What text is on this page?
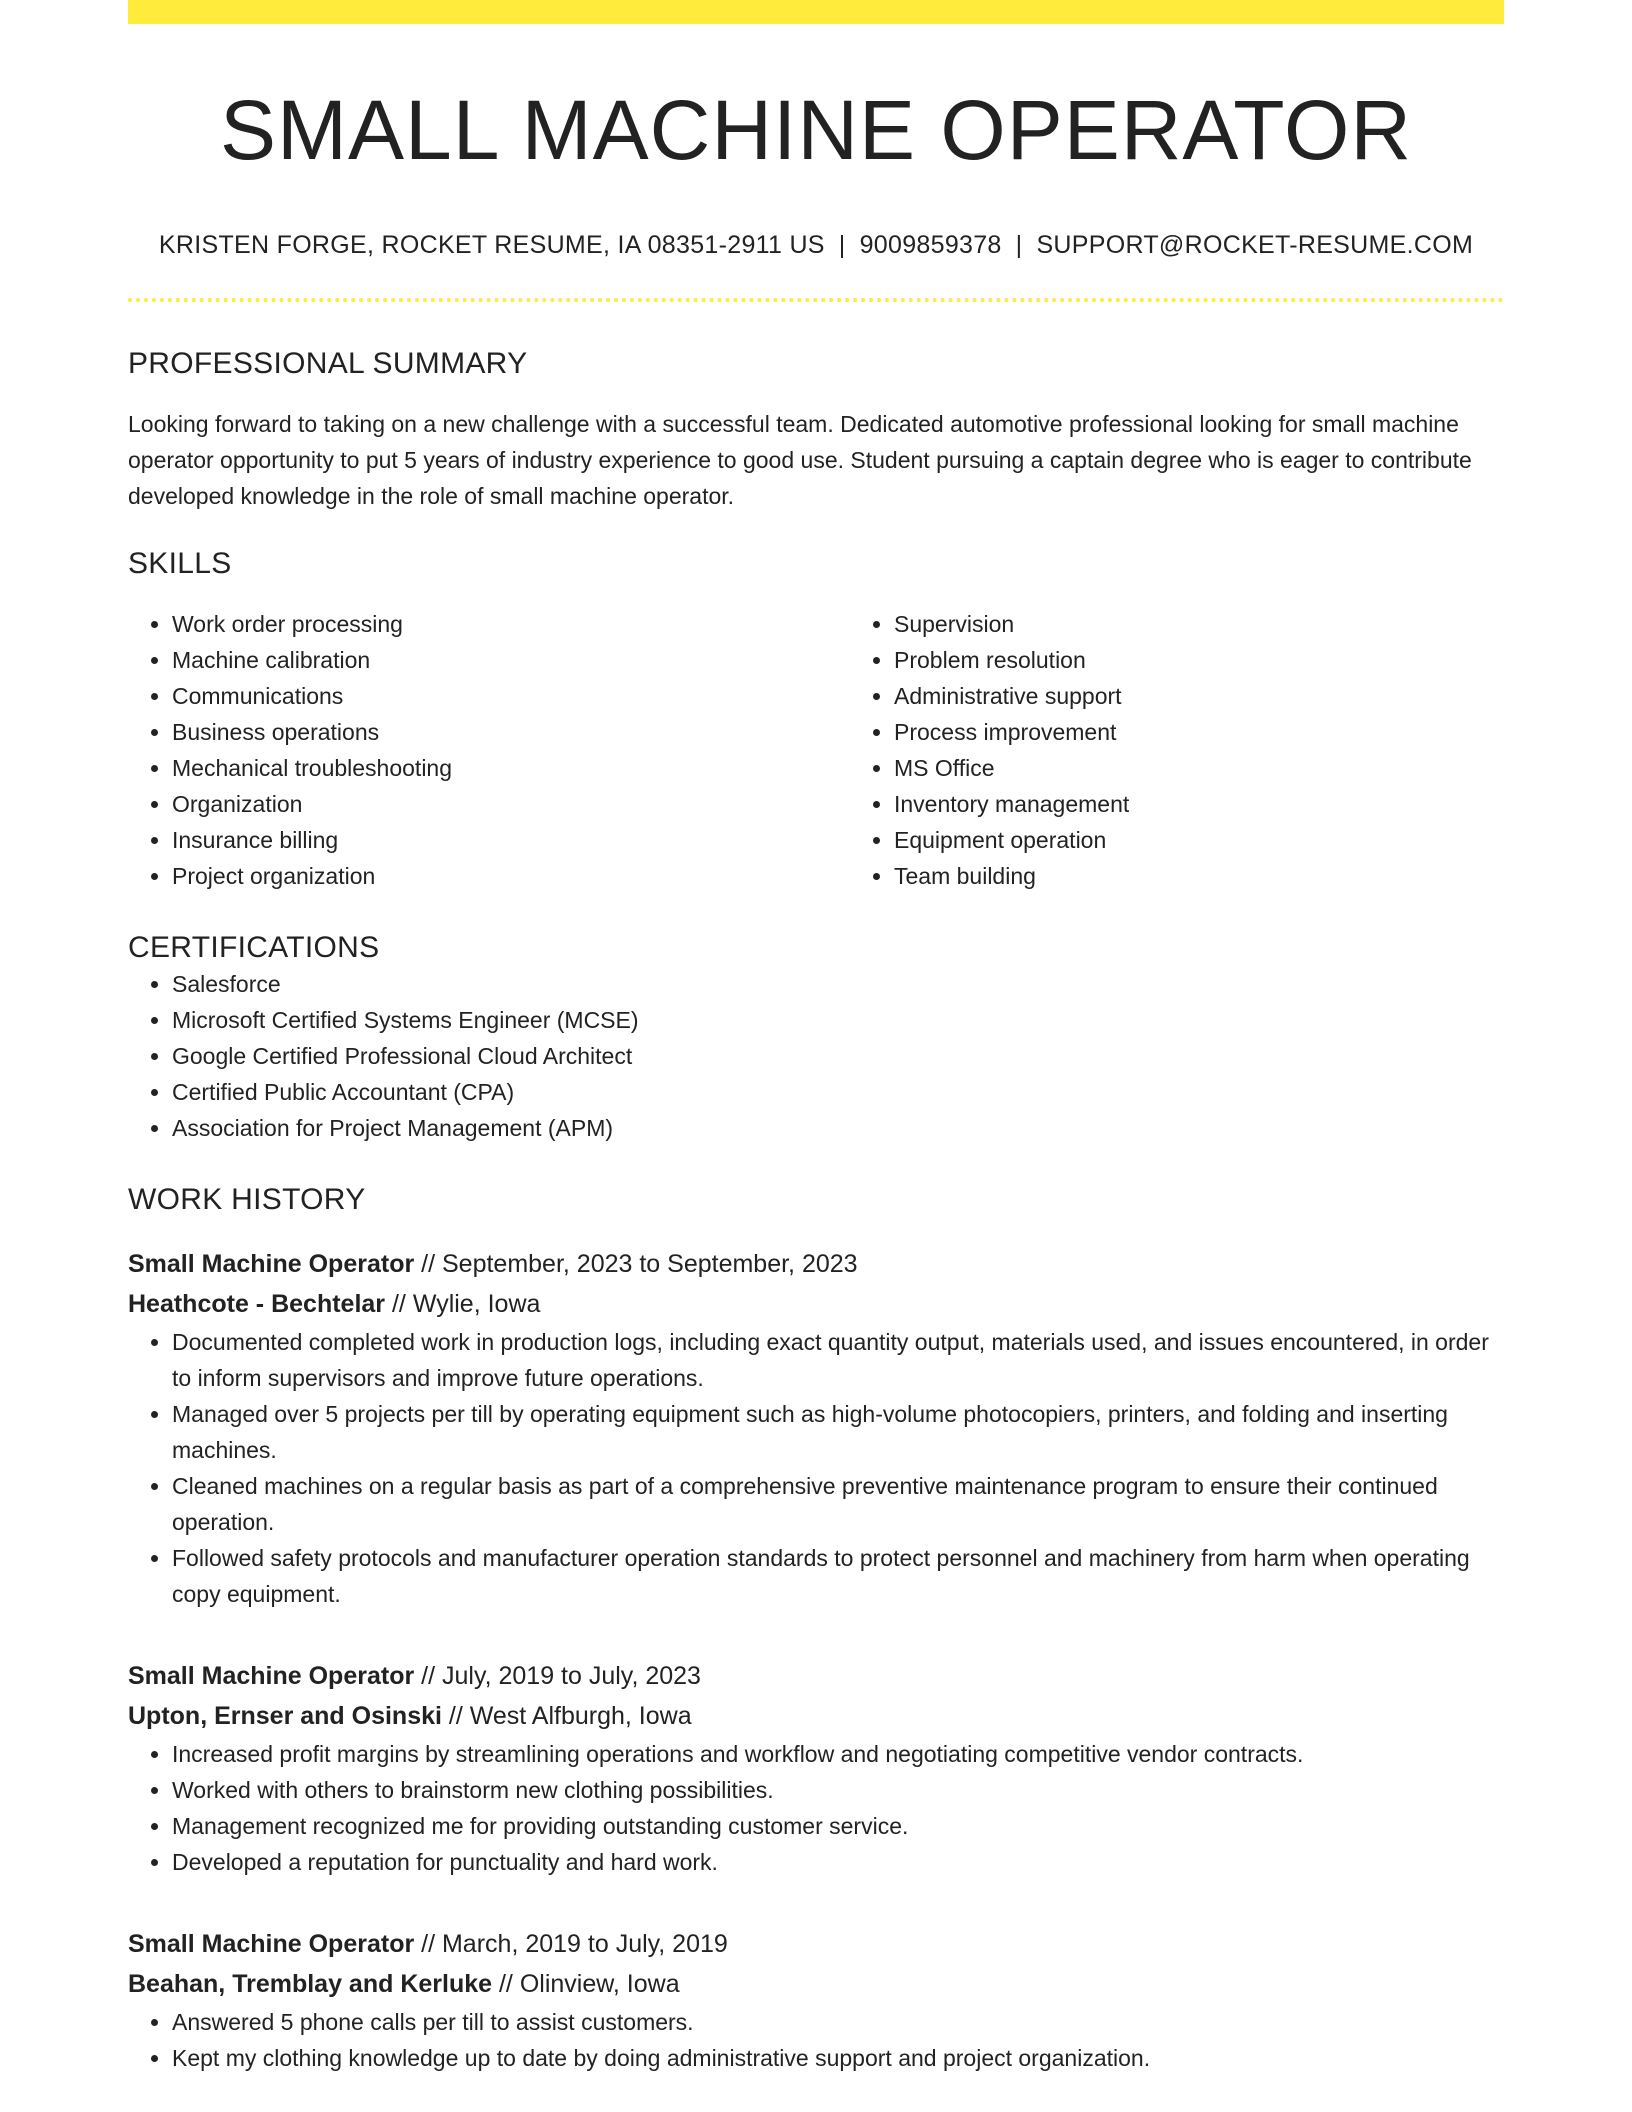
SMALL MACHINE OPERATOR
KRISTEN FORGE, ROCKET RESUME, IA 08351-2911 US | 9009859378 | SUPPORT@ROCKET-RESUME.COM
PROFESSIONAL SUMMARY

Looking forward to taking on a new challenge with a successful team. Dedicated automotive professional looking for small machine operator opportunity to put 5 years of industry experience to good use. Student pursuing a captain degree who is eager to contribute developed knowledge in the role of small machine operator.

SKILLS
• Work order processing
• Machine calibration
• Communications
• Business operations
• Mechanical troubleshooting
• Organization
• Insurance billing
• Project organization
• Supervision
• Problem resolution
• Administrative support
• Process improvement
• MS Office
• Inventory management
• Equipment operation
• Team building
CERTIFICATIONS
• Salesforce
• Microsoft Certified Systems Engineer (MCSE)
• Google Certified Professional Cloud Architect
• Certified Public Accountant (CPA)
• Association for Project Management (APM)
WORK HISTORY
Small Machine Operator // September, 2023 to September, 2023
Heathcote - Bechtelar // Wylie, Iowa
• Documented completed work in production logs, including exact quantity output, materials used, and issues encountered, in order to inform supervisors and improve future operations.
• Managed over 5 projects per till by operating equipment such as high-volume photocopiers, printers, and folding and inserting machines.
• Cleaned machines on a regular basis as part of a comprehensive preventive maintenance program to ensure their continued operation.
• Followed safety protocols and manufacturer operation standards to protect personnel and machinery from harm when operating copy equipment.
Small Machine Operator // July, 2019 to July, 2023
Upton, Ernser and Osinski // West Alfburgh, Iowa
• Increased profit margins by streamlining operations and workflow and negotiating competitive vendor contracts.
• Worked with others to brainstorm new clothing possibilities.
• Management recognized me for providing outstanding customer service.
• Developed a reputation for punctuality and hard work.
Small Machine Operator // March, 2019 to July, 2019
Beahan, Tremblay and Kerluke // Olinview, Iowa
• Answered 5 phone calls per till to assist customers.
• Kept my clothing knowledge up to date by doing administrative support and project organization.
